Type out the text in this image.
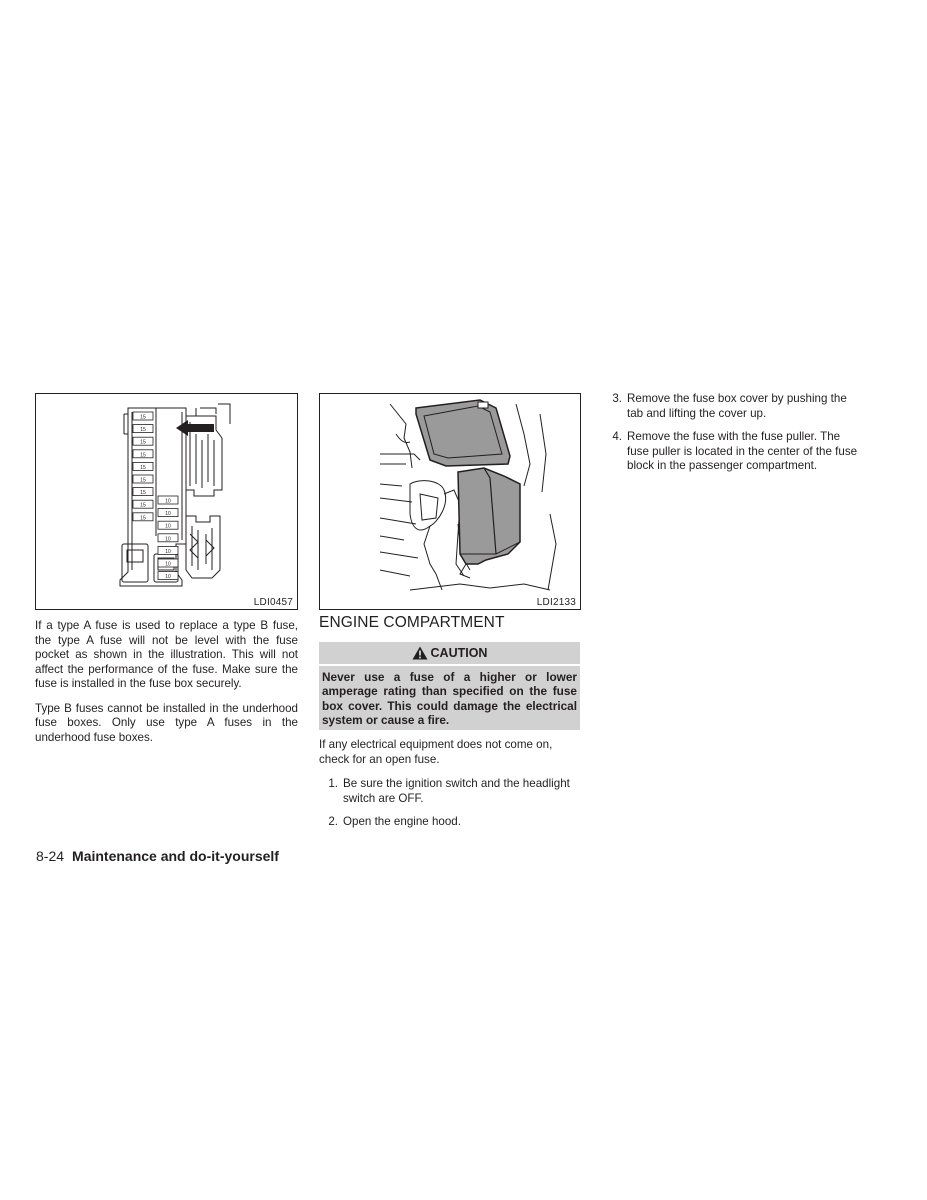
15
15
15
15
15
15
15
15
15
10
10
10
10
10
10
10
LDI0457	LDI2133

If a type A fuse is used to replace a type B fuse, the type A fuse will not be level with the fuse pocket as shown in the illustration. This will not affect the performance of the fuse. Make sure the fuse is installed in the fuse box securely.

Type B fuses cannot be installed in the underhood fuse boxes. Only use type A fuses in the underhood fuse boxes.

ENGINE COMPARTMENT
CAUTION
Never use a fuse of a higher or lower amperage rating than specified on the fuse box cover. This could damage the electrical system or cause a fire.

If any electrical equipment does not come on, check for an open fuse.

1. Be sure the ignition switch and the headlight switch are OFF.
2. Open the engine hood.
3. Remove the fuse box cover by pushing the tab and lifting the cover up.
4. Remove the fuse with the fuse puller. The fuse puller is located in the center of the fuse block in the passenger compartment.
8-24 Maintenance and do-it-yourself
